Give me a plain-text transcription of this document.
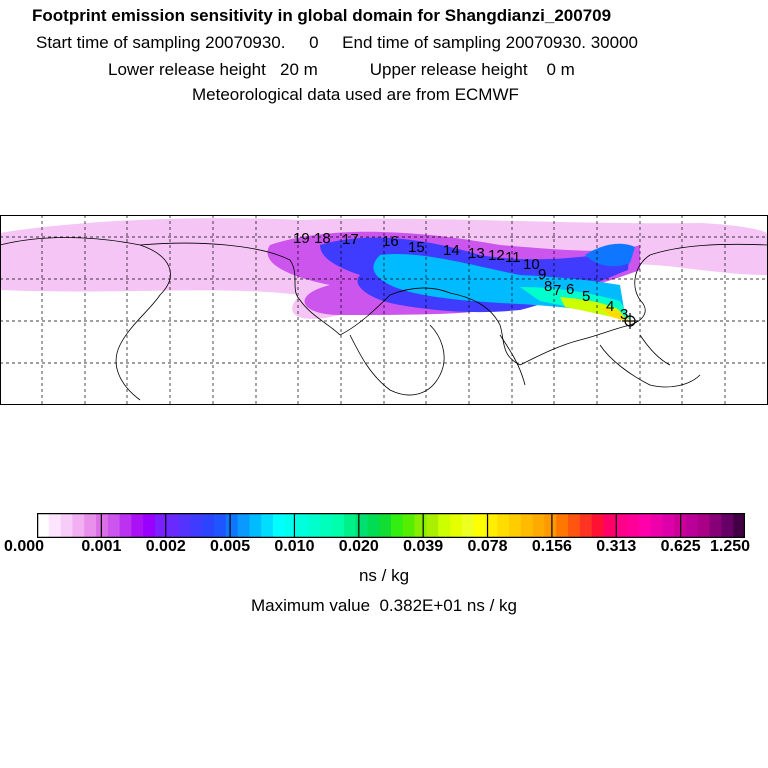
Footprint emission sensitivity in global domain for Shangdianzi_200709
Start time of sampling 20070930.     0     End time of sampling 20070930. 30000
Lower release height   20 m           Upper release height    0 m
Meteorological data used are from ECMWF
19 18 17 16 15 14 13 12 11 10
9
8 7 6 5
4 3
0.000 0.001 0.002 0.005 0.010 0.020 0.039 0.078 0.156 0.313 0.625 1.250
ns / kg
Maximum value  0.382E+01 ns / kg
